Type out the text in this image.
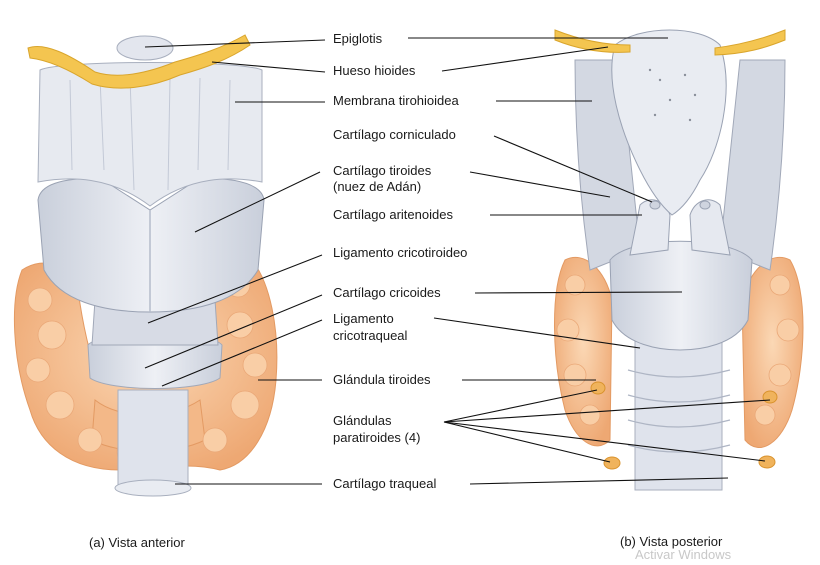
Epiglotis
Hueso hioides
Membrana tirohioidea
Cartílago corniculado
Cartílago tiroides
(nuez de Adán)
Cartílago aritenoides
Ligamento cricotiroideo
Cartílago cricoides
Ligamento
cricotraqueal
Glándula tiroides
Glándulas
paratiroides (4)
Cartílago traqueal
(a) Vista anterior	(b) Vista posterior
Activar Windows
